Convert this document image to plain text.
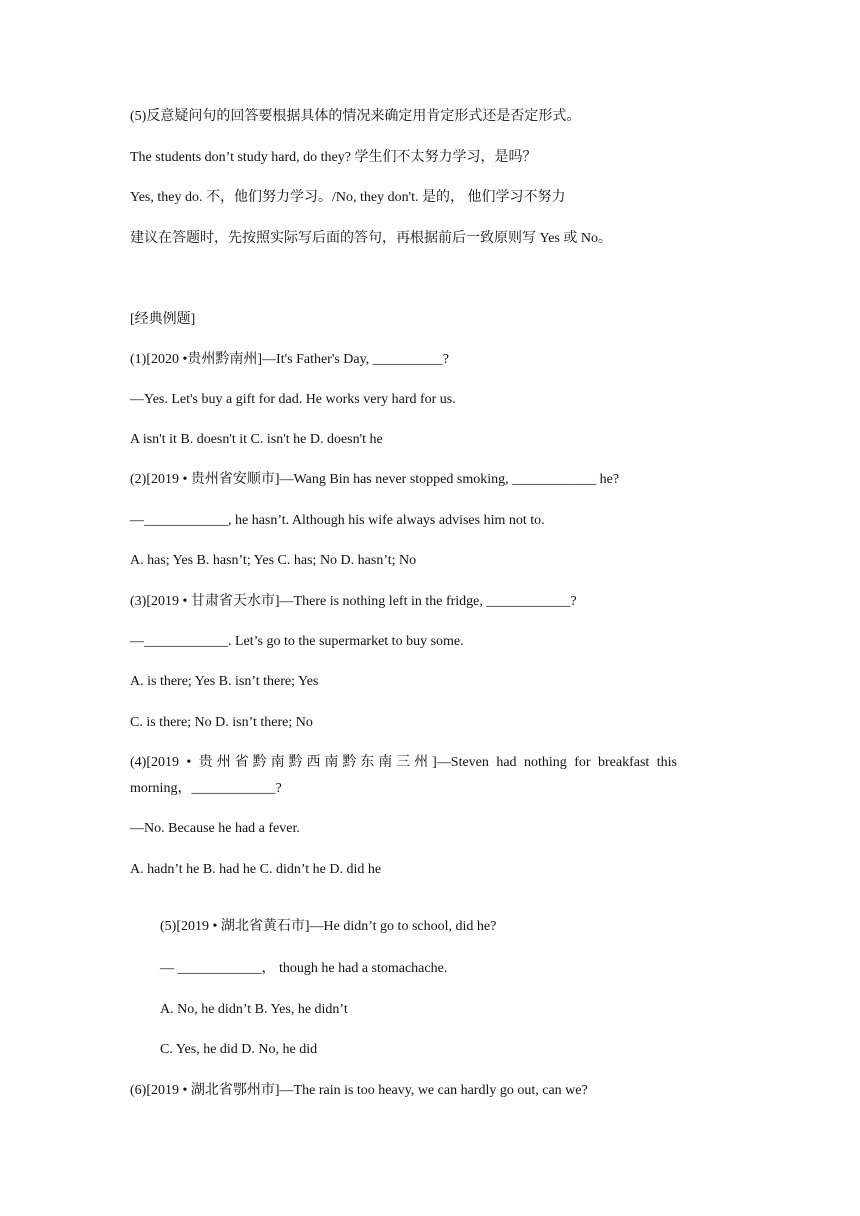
(5)反意疑问句的回答要根据具体的情况来确定用肯定形式还是否定形式。
The students don’t study hard, do they? 学生们不太努力学习，是吗？
Yes, they do. 不，他们努力学习。/No, they don't. 是的， 他们学习不努力
建议在答题时，先按照实际写后面的答句，再根据前后一致原则写 Yes 或 No。
[经典例题]
(1)[2020 •贵州黔南州]—It's Father's Day, __________?
—Yes. Let's buy a gift for dad. He works very hard for us.
A isn't it B. doesn't it C. isn't he D. doesn't he
(2)[2019 • 贵州省安顺市]—Wang Bin has never stopped smoking, ____________ he?
—____________, he hasn’t. Although his wife always advises him not to.
A. has; Yes B. hasn’t; Yes C. has; No D. hasn’t; No
(3)[2019 • 甘肃省天水市]—There is nothing left in the fridge, ____________?
—____________. Let’s go to the supermarket to buy some.
A. is there; Yes B. isn’t there; Yes
C. is there; No D. isn’t there; No
(4)[2019 • 贵州省黔南黔西南黔东南三州]—Steven had nothing for breakfast this
morning，____________?
—No. Because he had a fever.
A. hadn’t he B. had he C. didn’t he D. did he
(5)[2019 • 湖北省黄石市]—He didn’t go to school, did he?
— ____________， though he had a stomachache.
A. No, he didn’t B. Yes, he didn’t
C. Yes, he did D. No, he did
(6)[2019 • 湖北省鄂州市]—The rain is too heavy, we can hardly go out, can we?
